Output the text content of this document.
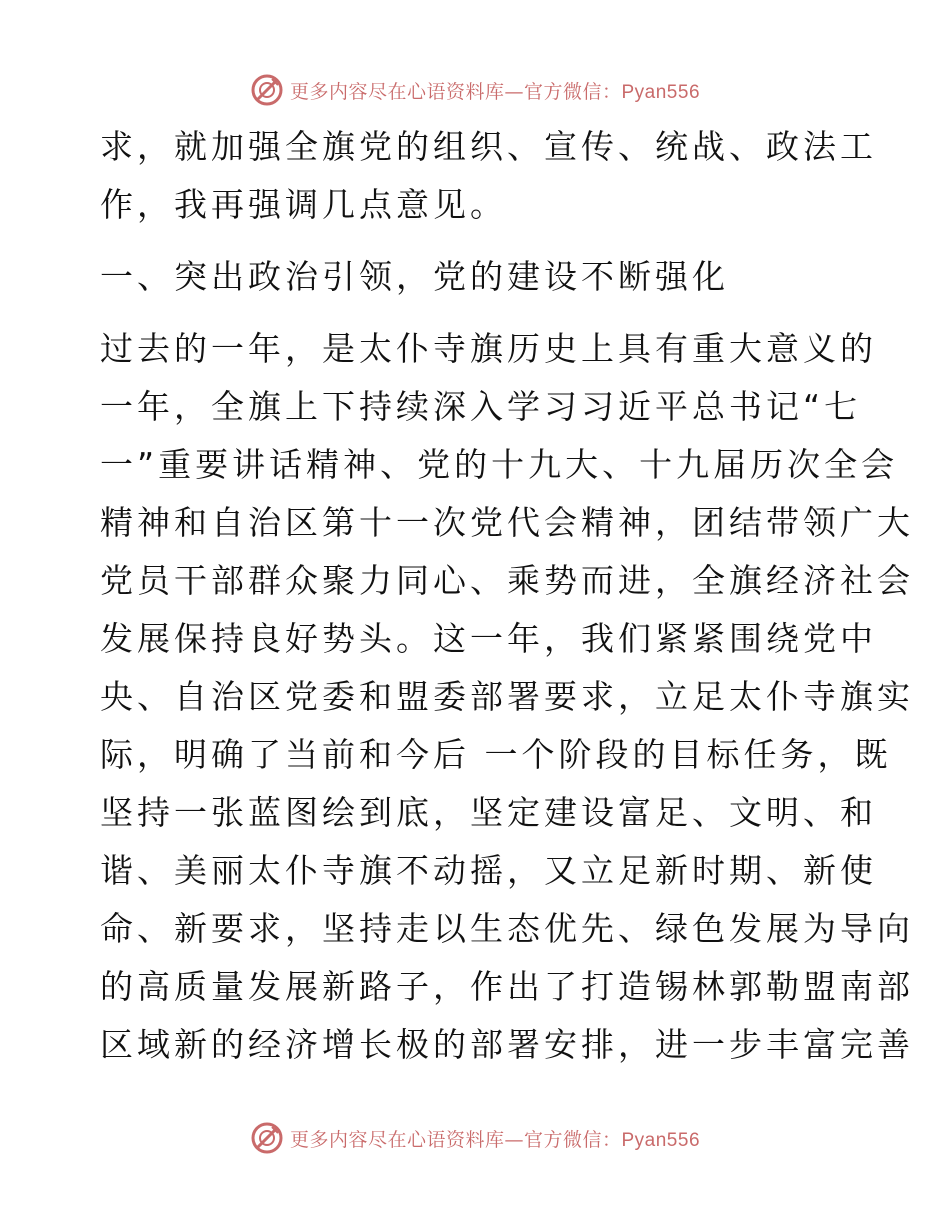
更多内容尽在心语资料库—官方微信：Pyan556
求，就加强全旗党的组织、宣传、统战、政法工
作，我再强调几点意见。
一、突出政治引领，党的建设不断强化
过去的一年，是太仆寺旗历史上具有重大意义的
一年，全旗上下持续深入学习习近平总书记“七
一”重要讲话精神、党的十九大、十九届历次全会
精神和自治区第十一次党代会精神，团结带领广大
党员干部群众聚力同心、乘势而进，全旗经济社会
发展保持良好势头。这一年，我们紧紧围绕党中
央、自治区党委和盟委部署要求，立足太仆寺旗实
际，明确了当前和今后 一个阶段的目标任务，既
坚持一张蓝图绘到底，坚定建设富足、文明、和
谐、美丽太仆寺旗不动摇，又立足新时期、新使
命、新要求，坚持走以生态优先、绿色发展为导向
的高质量发展新路子，作出了打造锡林郭勒盟南部
区域新的经济增长极的部署安排，进一步丰富完善
更多内容尽在心语资料库—官方微信：Pyan556
